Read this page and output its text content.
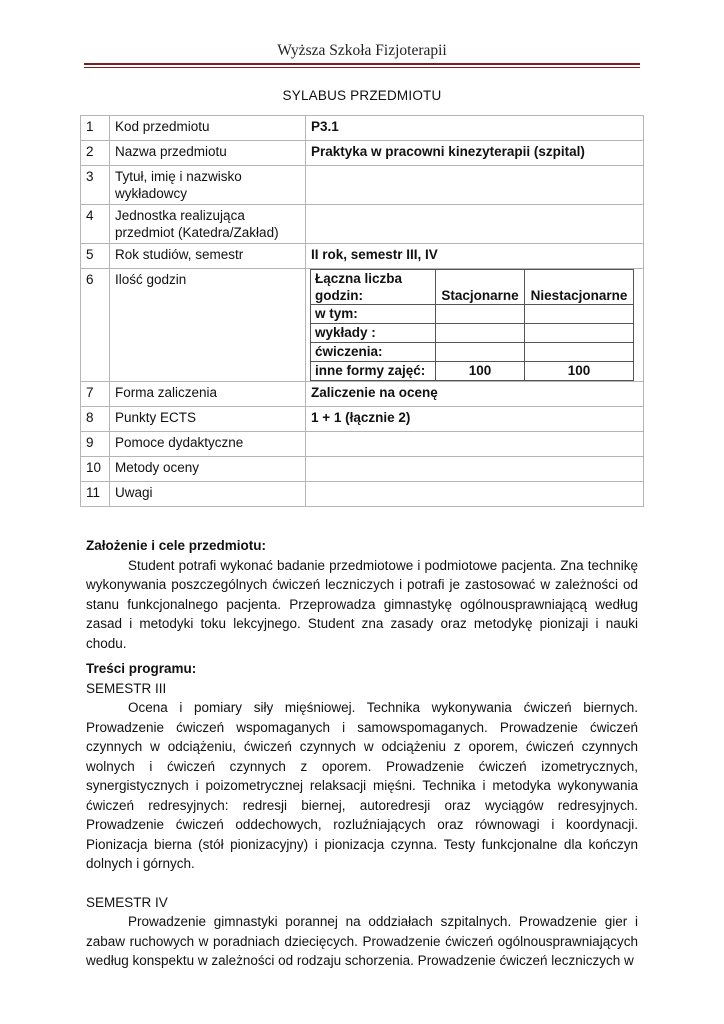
Wyższa Szkoła Fizjoterapii
SYLABUS PRZEDMIOTU
1	Kod przedmiotu	P3.1
2	Nazwa przedmiotu	Praktyka w pracowni kinezyterapii (szpital)
3	Tytuł, imię i nazwisko wykładowcy	
4	Jednostka realizująca przedmiot (Katedra/Zakład)	
5	Rok studiów, semestr	II rok, semestr III, IV
6	Ilość godzin		Łączna liczba godzin:	Stacjonarne	Niestacjonarne
w tym:		
wykłady :		
ćwiczenia:		
inne formy zajęć:	100	100

7	Forma zaliczenia	Zaliczenie na ocenę
8	Punkty ECTS	1 + 1 (łącznie 2)
9	Pomoce dydaktyczne	
10	Metody oceny	
11	Uwagi	
Założenie i cele przedmiotu:

Student potrafi wykonać badanie przedmiotowe i podmiotowe pacjenta. Zna technikę wykonywania poszczególnych ćwiczeń leczniczych i potrafi je zastosować w zależności od stanu funkcjonalnego pacjenta. Przeprowadza gimnastykę ogólnousprawniającą według zasad i metodyki toku lekcyjnego. Student zna zasady oraz metodykę pionizaji i nauki chodu.

Treści programu:
SEMESTR III

Ocena i pomiary siły mięśniowej. Technika wykonywania ćwiczeń biernych. Prowadzenie ćwiczeń wspomaganych i samowspomaganych. Prowadzenie ćwiczeń czynnych w odciążeniu, ćwiczeń czynnych w odciążeniu z oporem, ćwiczeń czynnych wolnych i ćwiczeń czynnych z oporem. Prowadzenie ćwiczeń izometrycznych, synergistycznych i poizometrycznej relaksacji mięśni. Technika i metodyka wykonywania ćwiczeń redresyjnych: redresji biernej, autoredresji oraz wyciągów redresyjnych. Prowadzenie ćwiczeń oddechowych, rozluźniających oraz równowagi i koordynacji. Pionizacja bierna (stół pionizacyjny) i pionizacja czynna. Testy funkcjonalne dla kończyn dolnych i górnych.

SEMESTR IV

Prowadzenie gimnastyki porannej na oddziałach szpitalnych. Prowadzenie gier i zabaw ruchowych w poradniach dziecięcych. Prowadzenie ćwiczeń ogólnousprawniających według konspektu w zależności od rodzaju schorzenia. Prowadzenie ćwiczeń leczniczych w
